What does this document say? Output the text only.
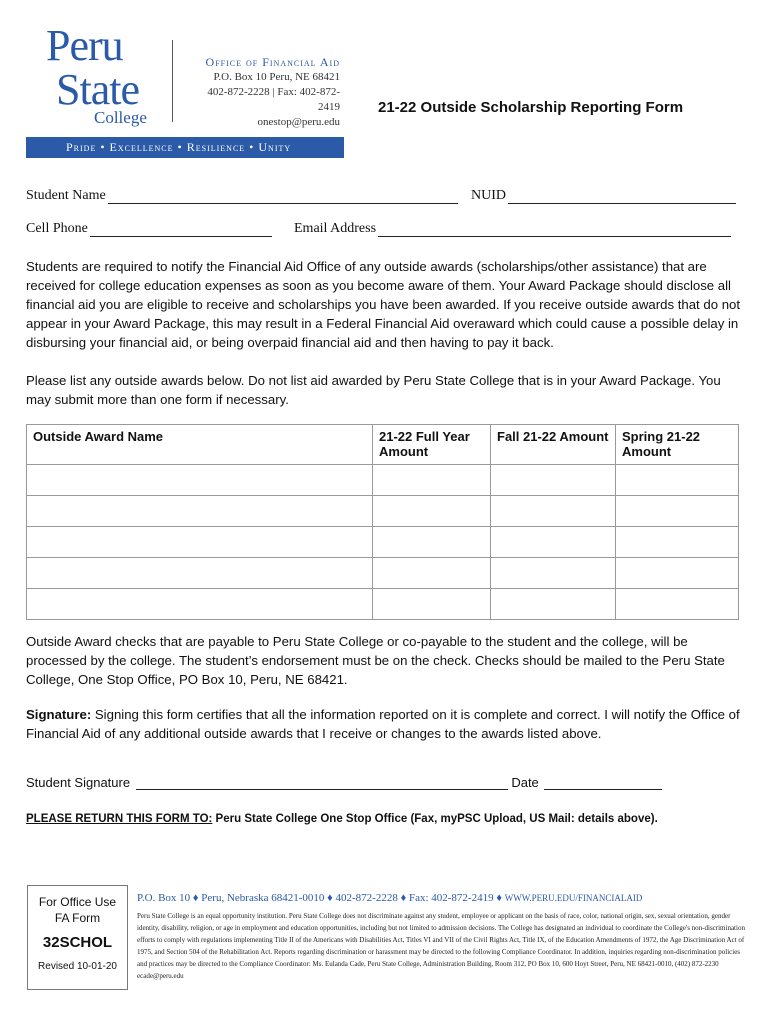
Peru
State
College
Office of Financial Aid
P.O. Box 10 Peru, NE 68421
402-872-2228 | Fax: 402-872-2419
onestop@peru.edu
21-22 Outside Scholarship Reporting Form
Pride • Excellence • Resilience • Unity
Student Name	NUID
Cell Phone	Email Address
Students are required to notify the Financial Aid Office of any outside awards (scholarships/other assistance) that are received for college education expenses as soon as you become aware of them. Your Award Package should disclose all financial aid you are eligible to receive and scholarships you have been awarded. If you receive outside awards that do not appear in your Award Package, this may result in a Federal Financial Aid overaward which could cause a possible delay in disbursing your financial aid, or being overpaid financial aid and then having to pay it back.
Please list any outside awards below. Do not list aid awarded by Peru State College that is in your Award Package. You may submit more than one form if necessary.
Outside Award Name	21-22 Full Year Amount	Fall 21-22 Amount	Spring 21-22 Amount

Outside Award checks that are payable to Peru State College or co-payable to the student and the college, will be processed by the college. The student’s endorsement must be on the check. Checks should be mailed to the Peru State College, One Stop Office, PO Box 10, Peru, NE 68421.
Signature: Signing this form certifies that all the information reported on it is complete and correct. I will notify the Office of Financial Aid of any additional outside awards that I receive or changes to the awards listed above.
Student Signature	Date
PLEASE RETURN THIS FORM TO: Peru State College One Stop Office (Fax, myPSC Upload, US Mail: details above).
For Office Use
FA Form
32SCHOL
Revised 10-01-20
P.O. Box 10 ♦ Peru, Nebraska 68421-0010 ♦ 402-872-2228 ♦ Fax: 402-872-2419 ♦ WWW.PERU.EDU/FINANCIALAID
Peru State College is an equal opportunity institution. Peru State College does not discriminate against any student, employee or applicant on the basis of race, color, national origin, sex, sexual orientation, gender identity, disability, religion, or age in employment and education opportunities, including but not limited to admission decisions. The College has designated an individual to coordinate the College's non-discrimination efforts to comply with regulations implementing Title II of the Americans with Disabilities Act, Titles VI and VII of the Civil Rights Act, Title IX, of the Education Amendments of 1972, the Age Discrimination Act of 1975, and Section 504 of the Rehabilitation Act. Reports regarding discrimination or harassment may be directed to the following Compliance Coordinator. In addition, inquiries regarding non-discrimination policies and practices may be directed to the Compliance Coordinator: Ms. Eulanda Cade, Peru State College, Administration Building, Room 312, PO Box 10, 600 Hoyt Street, Peru, NE 68421-0010, (402) 872-2230 ecade@peru.edu
